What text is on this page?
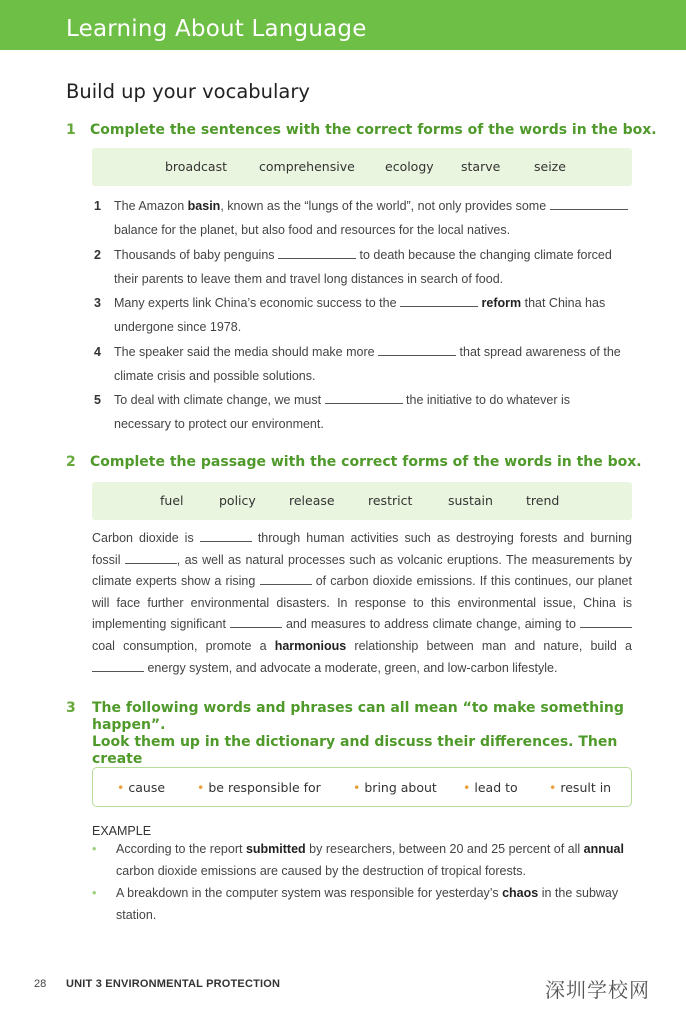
Learning About Language
Build up your vocabulary
1 Complete the sentences with the correct forms of the words in the box.
broadcast	comprehensive ecology starve	seize
1 The Amazon basin, known as the “lungs of the world”, not only provides some
balance for the planet, but also food and resources for the local natives.
2 Thousands of baby penguins	to death because the changing climate forced
their parents to leave them and travel long distances in search of food.
3 Many experts link China’s economic success to the	reform that China has
undergone since 1978.
4 The speaker said the media should make more	that spread awareness of the
climate crisis and possible solutions.
5 To deal with climate change, we must	the initiative to do whatever is
necessary to protect our environment.
2 Complete the passage with the correct forms of the words in the box.
fuel	policy	release	restrict	sustain	trend
Carbon dioxide is	through human activities such as destroying forests and burning fossil	, as well as natural processes such as volcanic eruptions. The measurements by climate experts show a rising	of carbon dioxide emissions. If this continues, our planet will face further environmental disasters. In response to this environmental issue, China is implementing significant	and measures to address climate change, aiming to  coal consumption, promote a harmonious relationship between man and nature, build a  energy system, and advocate a moderate, green, and low-carbon lifestyle.
3 The following words and phrases can all mean “to make something happen”.
Look them up in the dictionary and discuss their differences. Then create
• cause	• be responsible for	• bring about	• lead to	• result in
EXAMPLE
• According to the report submitted by researchers, between 20 and 25 percent of all annual
carbon dioxide emissions are caused by the destruction of tropical forests.
• A breakdown in the computer system was responsible for yesterday’s chaos in the subway
station.
28 UNIT 3 ENVIRONMENTAL PROTECTION	深圳学校网
